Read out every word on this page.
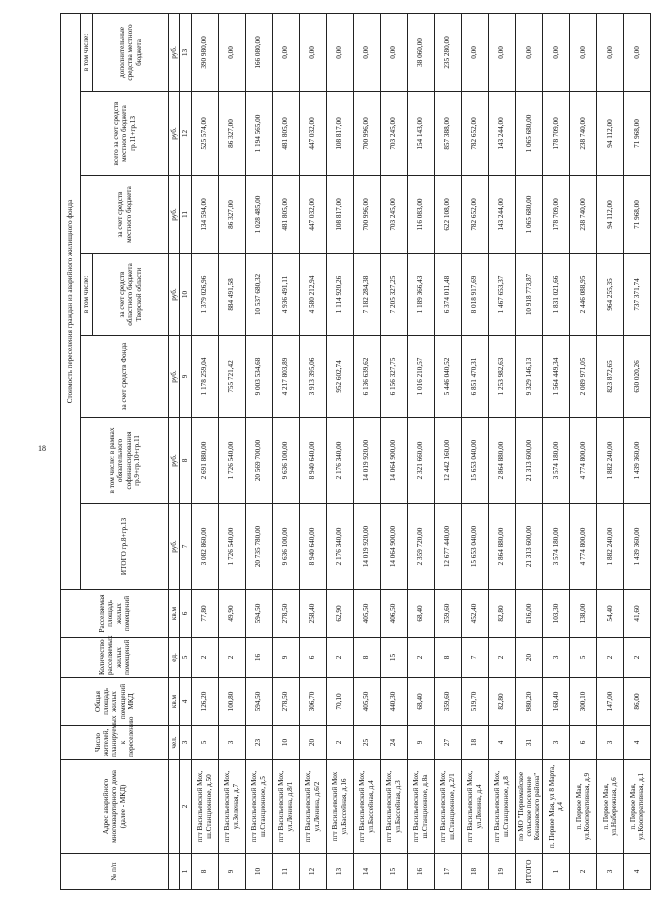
18
№ п/п	Адрес аварийного многоквартирного дома (далее - МКД)	Число жителей, планируемых к переселению	Общая площадь жилых помещений МКД	Количество расселяемых жилых помещений	Расселяемая площадь жилых помещений	Стоимость переселения граждан из аварийного жилищного фонда						
						ИТОГО гр.8+гр.13	в том числе: в рамках обязательного софинансирования гр.9+гр.10+гр.11	за счет средств Фонда	в том числе:	за счет средств местного бюджета	всего за счет средств местного бюджета гр.11+гр.13	в том числе:
									за счет средств областного бюджета Тверской области			дополнительные средства местного бюджета
		чел.	кв.м	ед.	кв.м	руб.	руб.	руб.	руб.	руб.	руб.	руб.
1	2	3	4	5	6	7	8	9	10	11	12	13
8	пгт Васильевский Мох, ш.Станционное, д.50	5	126,20	2	77,80	3 082 860,00	2 691 880,00	1 178 259,04	1 379 026,96	134 594,00	525 574,00	390 980,00
9	пгт Васильевский Мох, ул.Зеленая, д.7	3	100,80	2	49,90	1 726 540,00	1 726 540,00	755 721,42	884 491,58	86 327,00	86 327,00	0,00
10	пгт Васильевский Мох, ш.Станционное, д.5	23	594,50	16	594,50	20 735 780,00	20 569 700,00	9 003 534,68	10 537 680,32	1 028 485,00	1 194 565,00	166 080,00
11	пгт Васильевский Мох, ул.Ленина, д.8/1	10	278,50	9	278,50	9 636 100,00	9 636 100,00	4 217 803,89	4 936 491,11	481 805,00	481 805,00	0,00
12	пгт Васильевский Мох, ул.Ленина, д.6/2	20	306,70	6	258,40	8 940 640,00	8 940 640,00	3 913 395,06	4 580 212,94	447 032,00	447 032,00	0,00
13	пгт Васильевский Мох ул.Бассейная, д.16	2	70,10	2	62,90	2 176 340,00	2 176 340,00	952 602,74	1 114 920,26	108 817,00	108 817,00	0,00
14	пгт Васильевский Мох, ул.Бассейная, д.4	25	405,50	8	405,50	14 019 920,00	14 019 920,00	6 136 639,62	7 182 284,38	700 996,00	700 996,00	0,00
15	пгт Васильевский Мох, ул.Бассейная, д.3	24	440,30	15	406,50	14 064 900,00	14 064 900,00	6 156 327,75	7 205 327,25	703 245,00	703 245,00	0,00
16	пгт Васильевский Мох, ш.Станционное, д.8а	9	68,40	2	68,40	2 359 720,00	2 321 660,00	1 016 210,57	1 189 366,43	116 083,00	154 143,00	38 060,00
17	пгт Васильевский Мох, ш.Станционное, д.2/1	27	359,60	8	359,60	12 677 440,00	12 442 160,00	5 446 040,52	6 374 011,48	622 108,00	857 388,00	235 280,00
18	пгт Васильевский Мох, ул.Ленина, д.4	18	519,70	7	452,40	15 653 040,00	15 653 040,00	6 851 470,31	8 018 917,69	782 652,00	782 652,00	0,00
19	пгт Васильевский Мох, ш.Станционное, д.8	4	82,80	2	82,80	2 864 880,00	2 864 880,00	1 253 982,63	1 467 653,37	143 244,00	143 244,00	0,00
ИТОГО	по МО "Первомайское сельское поселение Конаковского района"	31	980,20	20	616,00	21 313 600,00	21 313 600,00	9 329 146,13	10 918 773,87	1 065 680,00	1 065 680,00	0,00
1	п. Первое Мая, ул 8 Марта, д.4	3	168,40	3	103,30	3 574 180,00	3 574 180,00	1 564 449,34	1 831 021,66	178 709,00	178 709,00	0,00
2	п. Первое Мая, ул.Кооперативная, д.9	6	300,10	5	138,00	4 774 800,00	4 774 800,00	2 089 971,05	2 446 088,95	238 740,00	238 740,00	0,00
3	п. Первое Мая, ул.Набережная, д.6	3	147,00	2	54,40	1 882 240,00	1 882 240,00	823 872,65	964 255,35	94 112,00	94 112,00	0,00
4	п. Первое Мая, ул.Кооперативная, д.1	4	86,00	2	41,60	1 439 360,00	1 439 360,00	630 020,26	737 371,74	71 968,00	71 968,00	0,00
